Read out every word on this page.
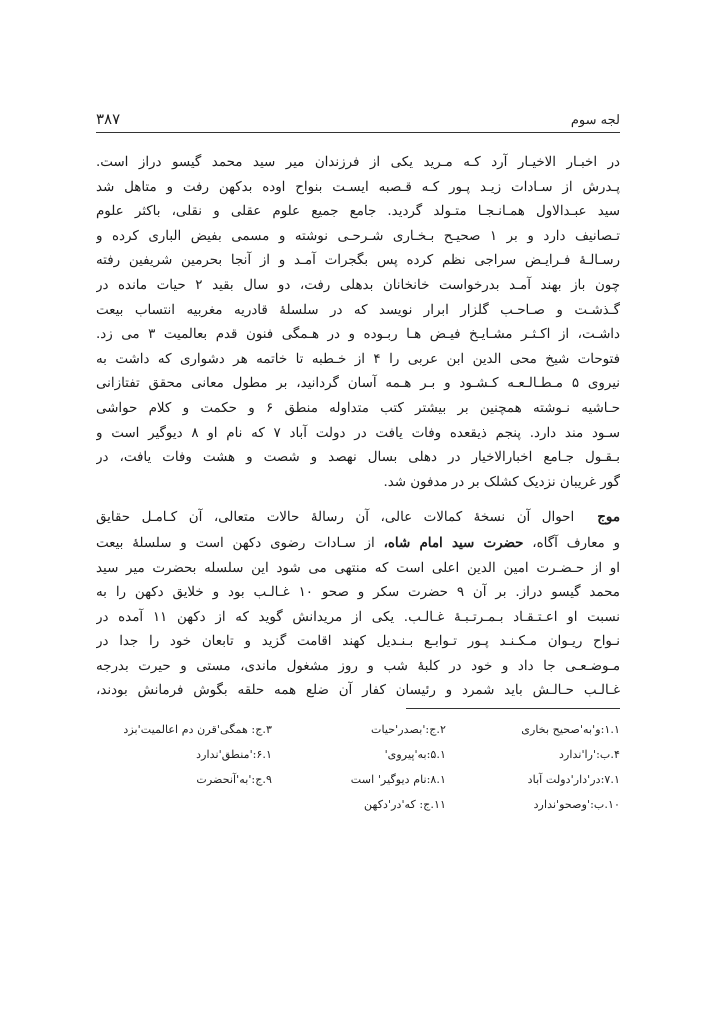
لجه سوم
۳۸۷

در اخبـار الاخیـار آرد کـه مـرید یکی از فرزندان میر سید محمد گیسو دراز است.
پـدرش از سـادات زیـد پـور کـه قـصبه ایسـت بنواح اوده بدکهن رفت و متاهل شد
سید عبـدالاول همـانـجـا متـولد گردید. جامع جمیع علوم عقلی و نقلی، باکثر علوم
تـصانیف دارد و بر ۱ صحیـح بـخـاری شـرحـی نوشته و مسمی بفیض الباری کرده و
رسـالـۀ فـرایـض سراجی نظم کرده پس بگجرات آمـد و از آنجا بحرمین شریفین رفته
چون باز بهند آمـد بدرخواست خانخانان بدهلی رفت، دو سال بقید ۲ حیات مانده در
گـذشـت و صـاحـب گلزار ابرار نویسد که در سلسلۀ قادریه مغربیه انتساب بیعت
داشـت، از اکـثـر مشـایـخ فیـض هـا ربـوده و در هـمگی فنون قدم بعالمیت ۳ می زد.
فتوحات شیخ محی الدین ابن عربی را ۴ از خـطبه تا خاتمه هر دشواری که داشت به
نیروی ۵ مـطـالـعـه کـشـود و بـر هـمه آسان گردانید، بر مطول معانی محقق تفتازانی
حـاشیه نـوشته همچنین بر بیشتر کتب متداوله منطق ۶ و حکمت و کلام حواشی
سـود مند دارد. پنجم ذیقعده وفات یافت در دولت آباد ۷ که نام او ۸ دیوگیر است و
بـقـول جـامع اخبارالاخیار در دهلی بسال نهصد و شصت و هشت وفات یافت، در
گور غریبان نزدیک کشلک بر در مدفون شد.

موج  احوال آن نسخۀ کمالات عالی، آن رسالۀ حالات متعالی، آن کـامـل حقایق
و معارف آگاه، حضرت سید امام شاه، از سـادات رضوی دکهن است و سلسلۀ بیعت
او از حـضـرت امین الدین اعلی است که منتهی می شود این سلسله بحضرت میر سید
محمد گیسو دراز. بر آن ۹ حضرت سکر و صحو ۱۰ غـالـب بود و خلایق دکهن را به
نسبت او اعـتـقـاد بـمـرتـبـۀ غـالـب. یکی از مریدانش گوید که از دکهن ۱۱ آمده در
نـواح ریـوان مـکـنـد پـور تـوابـع بـنـدیل کهند اقامت گزید و تابعان خود را جدا در
مـوضـعـی جا داد و خود در کلبۀ شب و روز مشغول ماندی، مستی و حیرت بدرجه
غـالـب حـالـش باید شمرد و رئیسان کفار آن ضلع همه حلقه بگوش فرمانش بودند،

۱.۱:و'به'صحیح بخاری
۲.ج:'بصدر'حیات
۳.ج: همگی'قرن دم اعالمیت'بزد
۴.ب:'را'ندارد
۵.۱:به'پیروی'
۶.۱:'منطق'ندارد
۷.۱:در'دار'دولت آباد
۸.۱:نام دیوگیر' است
۹.ج:'به'آنحضرت
۱۰.ب:'وصحو'ندارد
۱۱.ج: که'در'دکهن
